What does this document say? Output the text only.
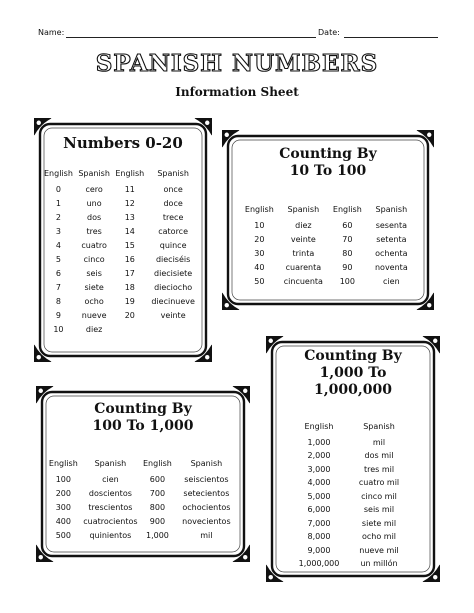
Name:	Date:
SPANISH NUMBERS
Information Sheet
Numbers 0-20
English	Spanish	English	Spanish
0	cero	11	once
1	uno	12	doce
2	dos	13	trece
3	tres	14	catorce
4	cuatro	15	quince
5	cinco	16	dieciséis
6	seis	17	diecisiete
7	siete	18	dieciocho
8	ocho	19	diecinueve
9	nueve	20	veinte
10	diez		
Counting By
10 To 100
English	Spanish	English	Spanish
10	diez	60	sesenta
20	veinte	70	setenta
30	trinta	80	ochenta
40	cuarenta	90	noventa
50	cincuenta	100	cien
Counting By
100 To 1,000
English	Spanish	English	Spanish
100	cien	600	seiscientos
200	doscientos	700	setecientos
300	trescientos	800	ochocientos
400	cuatrocientos	900	novecientos
500	quinientos	1,000	mil
Counting By
1,000 To
1,000,000
English	Spanish
1,000	mil
2,000	dos mil
3,000	tres mil
4,000	cuatro mil
5,000	cinco mil
6,000	seis mil
7,000	siete mil
8,000	ocho mil
9,000	nueve mil
1,000,000	un millón
